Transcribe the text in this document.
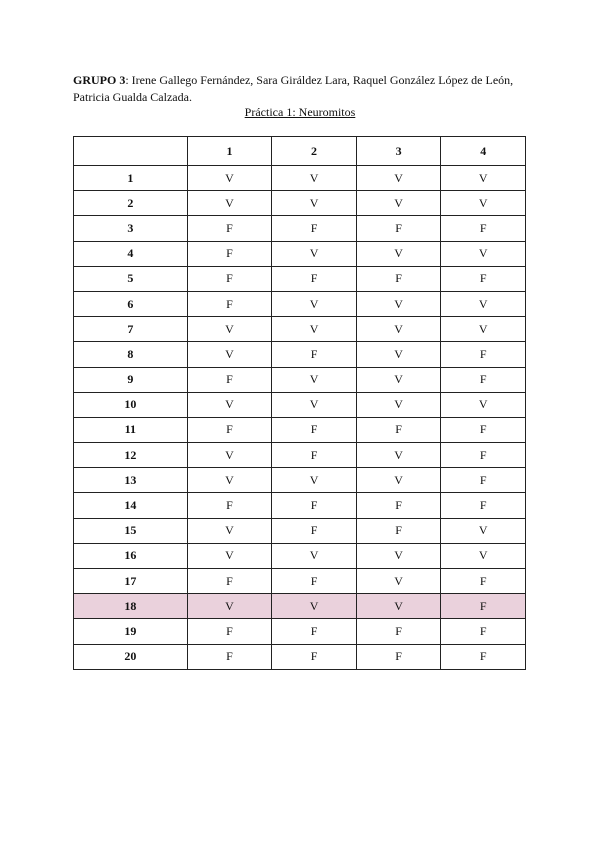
GRUPO 3: Irene Gallego Fernández, Sara Giráldez Lara, Raquel González López de León, Patricia Gualda Calzada.
Práctica 1: Neuromitos
	1	2	3	4
1	V	V	V	V
2	V	V	V	V
3	F	F	F	F
4	F	V	V	V
5	F	F	F	F
6	F	V	V	V
7	V	V	V	V
8	V	F	V	F
9	F	V	V	F
10	V	V	V	V
11	F	F	F	F
12	V	F	V	F
13	V	V	V	F
14	F	F	F	F
15	V	F	F	V
16	V	V	V	V
17	F	F	V	F
18	V	V	V	F
19	F	F	F	F
20	F	F	F	F
